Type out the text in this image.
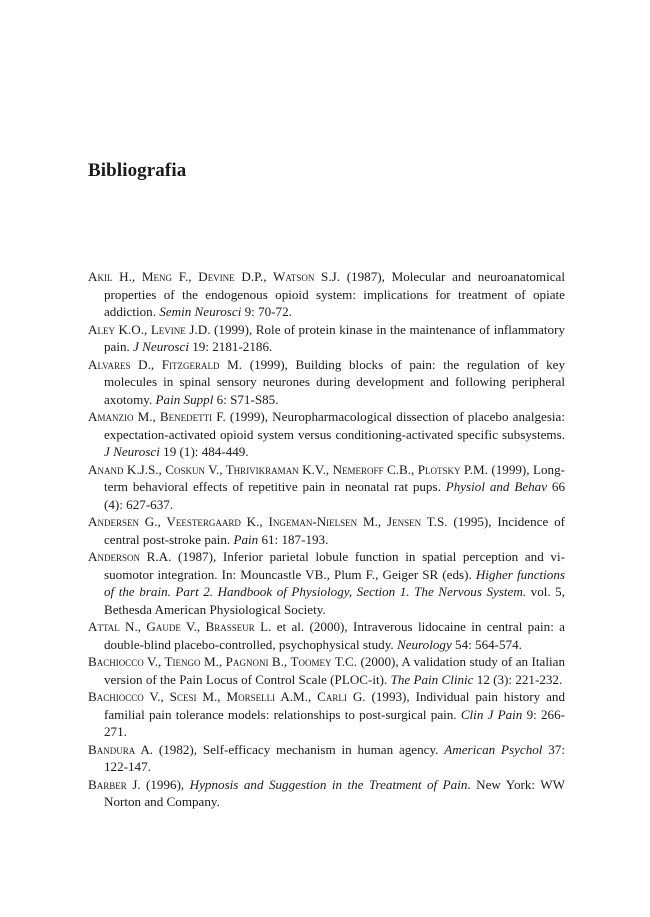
Bibliografia
Akil H., Meng F., Devine D.P., Watson S.J. (1987), Molecular and neuroanatomical properties of the endogenous opioid system: implications for treatment of opiate addiction. Semin Neurosci 9: 70-72.
Aley K.O., Levine J.D. (1999), Role of protein kinase in the maintenance of inflammatory pain. J Neurosci 19: 2181-2186.
Alvares D., Fitzgerald M. (1999), Building blocks of pain: the regulation of key molecules in spinal sensory neurones during development and following peripheral axotomy. Pain Suppl 6: S71-S85.
Amanzio M., Benedetti F. (1999), Neuropharmacological dissection of placebo analgesia: expectation-activated opioid system versus conditioning-activated specific subsystems. J Neurosci 19 (1): 484-449.
Anand K.J.S., Coskun V., Thrivikraman K.V., Nemeroff C.B., Plotsky P.M. (1999), Long-term behavioral effects of repetitive pain in neonatal rat pups. Physiol and Behav 66 (4): 627-637.
Andersen G., Veestergaard K., Ingeman-Nielsen M., Jensen T.S. (1995), Incidence of central post-stroke pain. Pain 61: 187-193.
Anderson R.A. (1987), Inferior parietal lobule function in spatial perception and visuomotor integration. In: Mouncastle VB., Plum F., Geiger SR (eds). Higher functions of the brain. Part 2. Handbook of Physiology, Section 1. The Nervous System. vol. 5, Bethesda American Physiological Society.
Attal N., Gaude V., Brasseur L. et al. (2000), Intraverous lidocaine in central pain: a double-blind placebo-controlled, psychophysical study. Neurology 54: 564-574.
Bachiocco V., Tiengo M., Pagnoni B., Toomey T.C. (2000), A validation study of an Italian version of the Pain Locus of Control Scale (PLOC-it). The Pain Clinic 12 (3): 221-232.
Bachiocco V., Scesi M., Morselli A.M., Carli G. (1993), Individual pain history and familial pain tolerance models: relationships to post-surgical pain. Clin J Pain 9: 266-271.
Bandura A. (1982), Self-efficacy mechanism in human agency. American Psychol 37: 122-147.
Barber J. (1996), Hypnosis and Suggestion in the Treatment of Pain. New York: WW Norton and Company.
